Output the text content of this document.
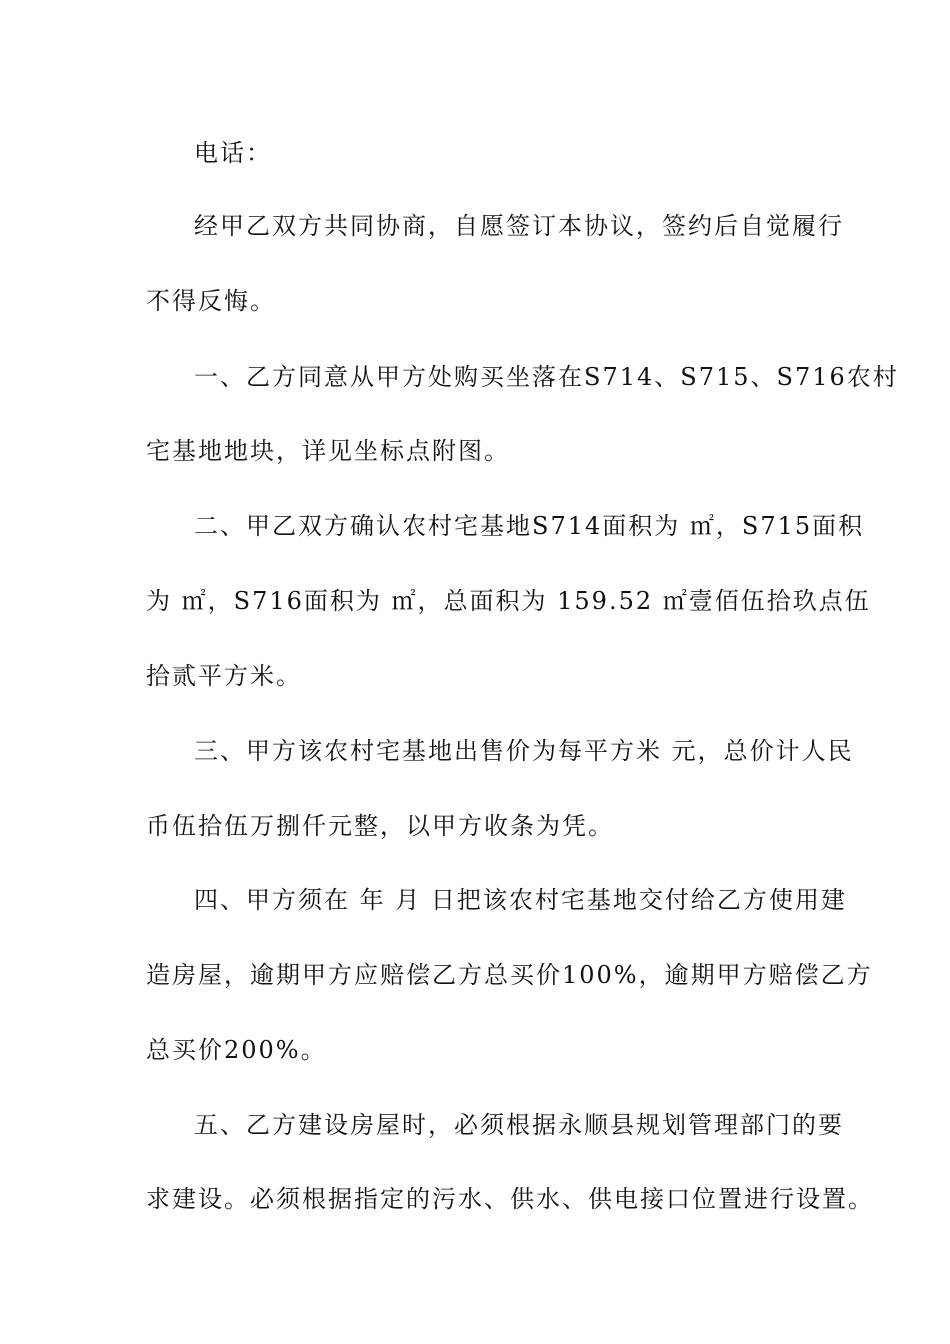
电话：
经甲乙双方共同协商，自愿签订本协议，签约后自觉履行
不得反悔。
一、乙方同意从甲方处购买坐落在S714、S715、S716农村
宅基地地块，详见坐标点附图。
二、甲乙双方确认农村宅基地S714面积为 ㎡，S715面积
为 ㎡，S716面积为 ㎡，总面积为 159.52 ㎡壹佰伍拾玖点伍
拾贰平方米。
三、甲方该农村宅基地出售价为每平方米 元，总价计人民
币伍拾伍万捌仟元整，以甲方收条为凭。
四、甲方须在 年 月 日把该农村宅基地交付给乙方使用建
造房屋，逾期甲方应赔偿乙方总买价100%，逾期甲方赔偿乙方
总买价200%。
五、乙方建设房屋时，必须根据永顺县规划管理部门的要
求建设。必须根据指定的污水、供水、供电接口位置进行设置。
